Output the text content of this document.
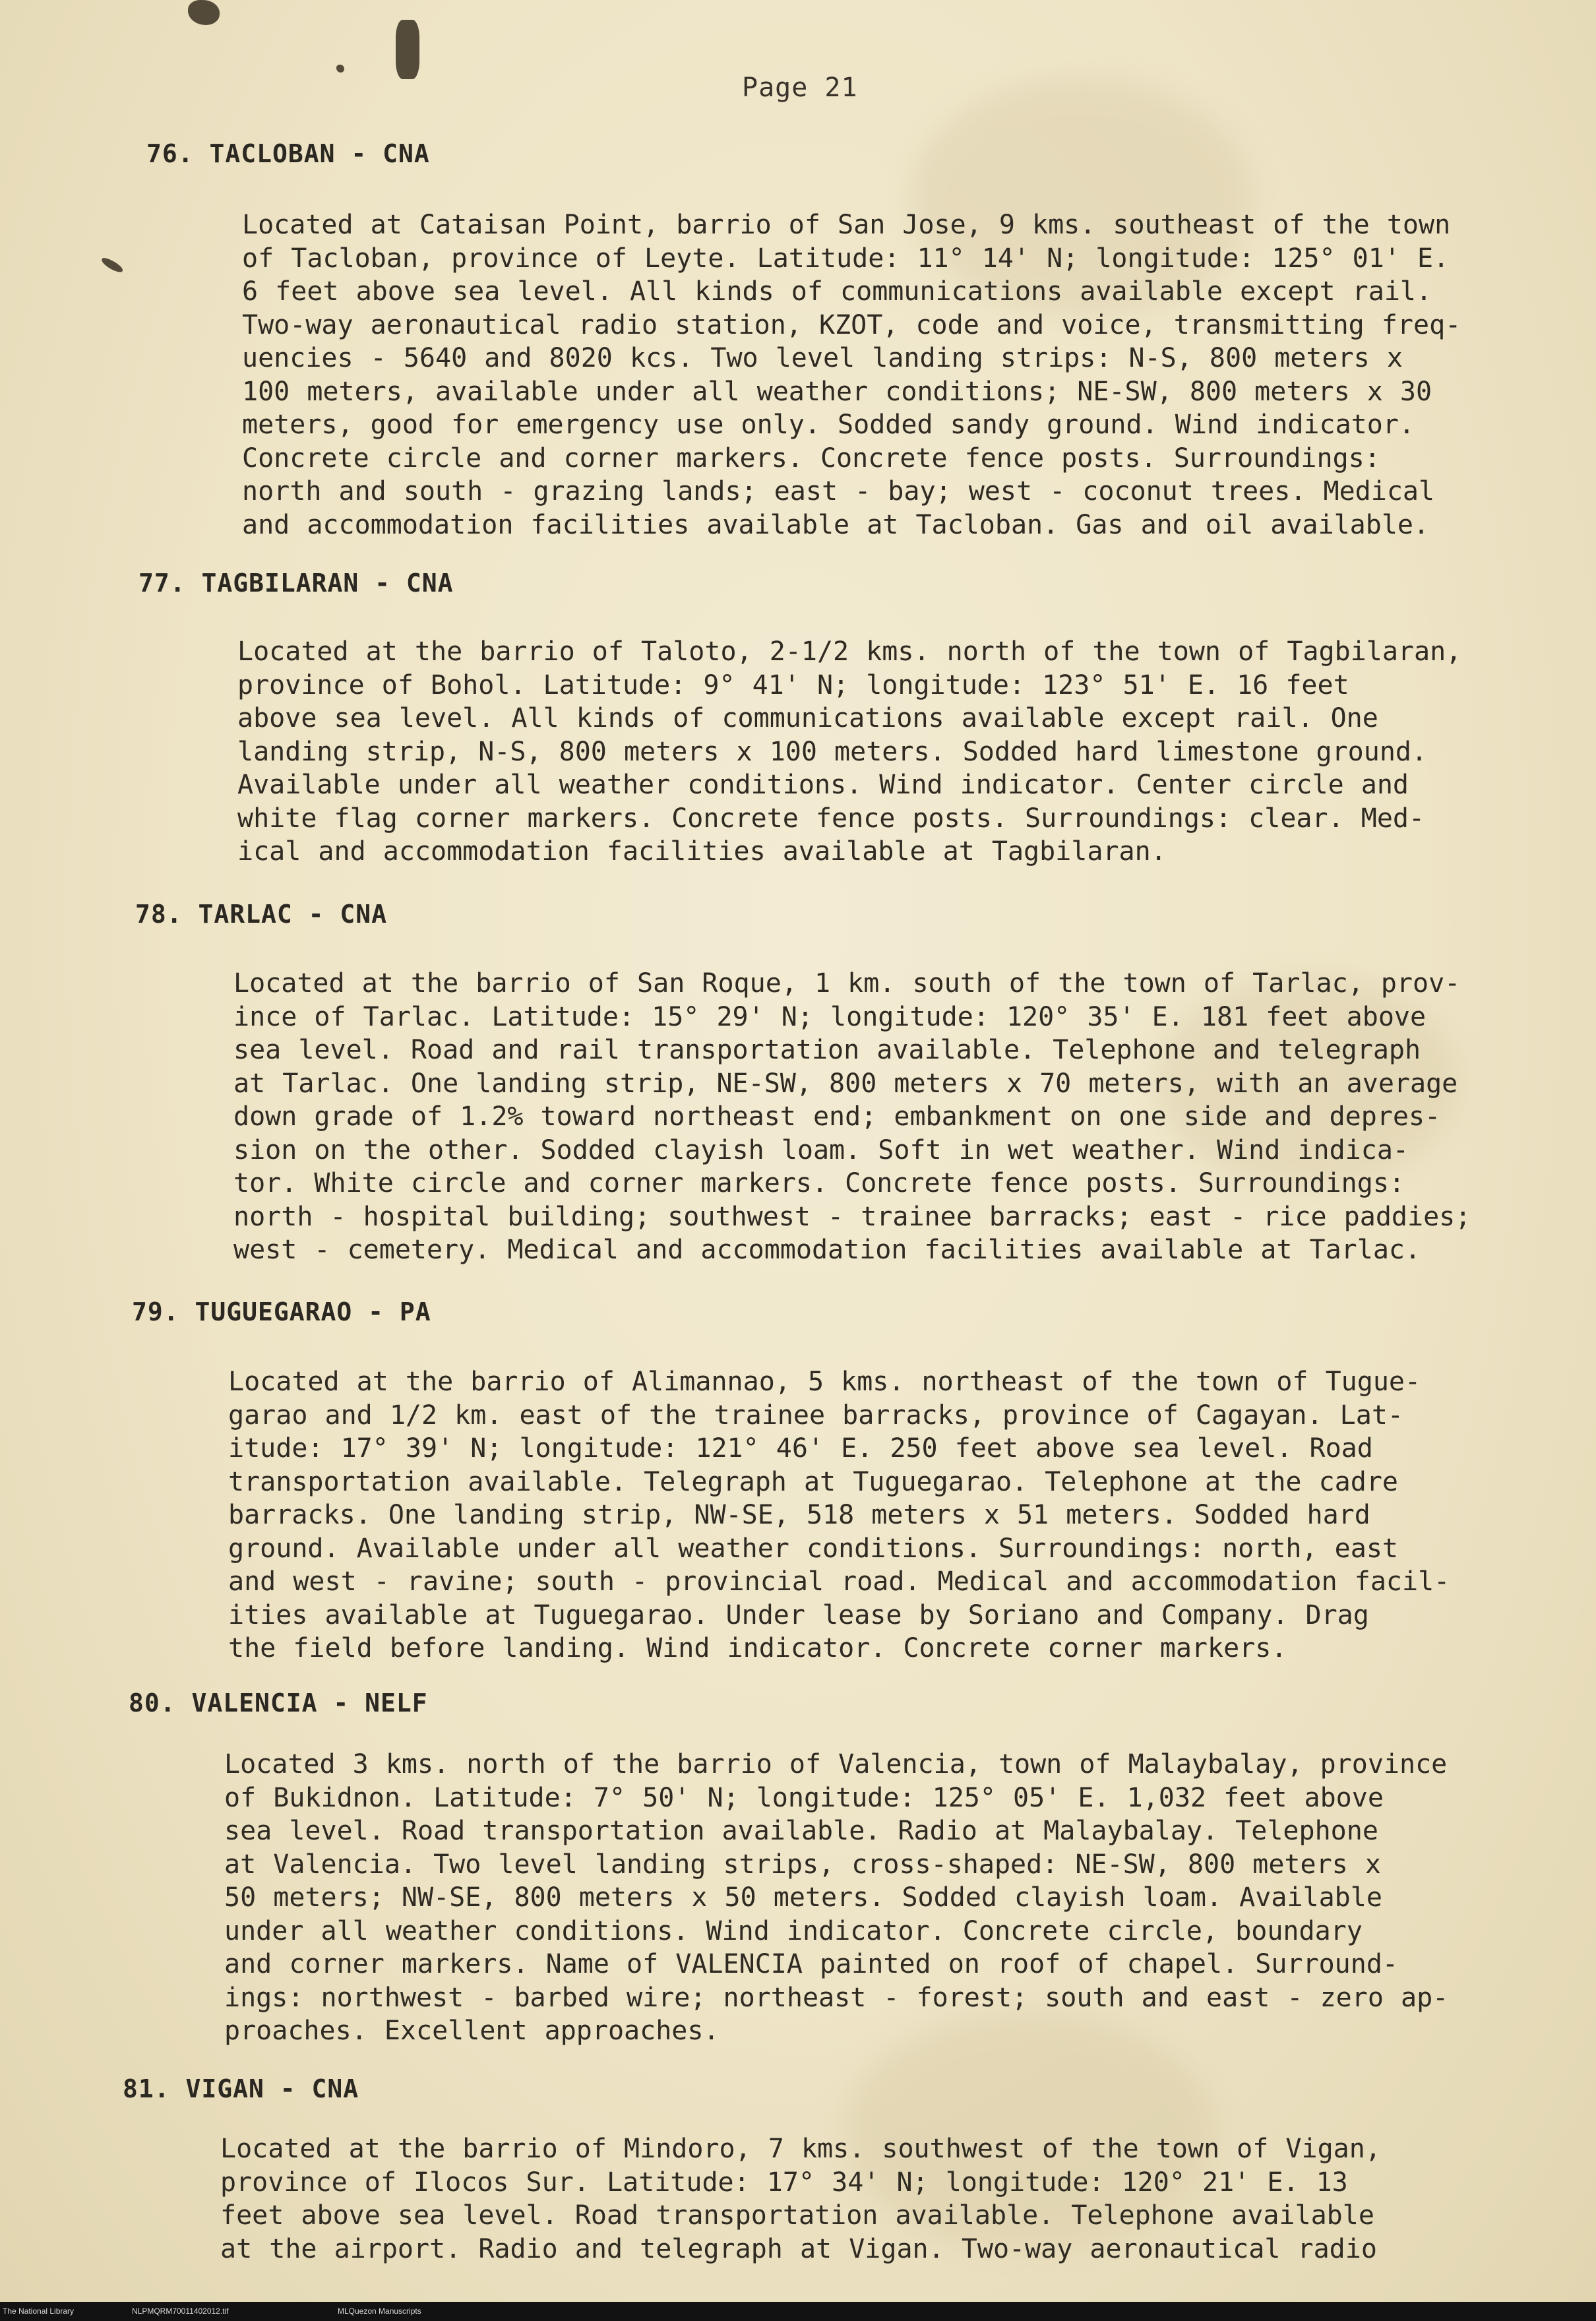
Page 21
76. TACLOBAN - CNA
Located at Cataisan Point, barrio of San Jose, 9 kms. southeast of the town
of Tacloban, province of Leyte. Latitude: 11° 14' N; longitude: 125° 01' E.
6 feet above sea level. All kinds of communications available except rail.
Two-way aeronautical radio station, KZOT, code and voice, transmitting freq-
uencies - 5640 and 8020 kcs. Two level landing strips: N-S, 800 meters x
100 meters, available under all weather conditions; NE-SW, 800 meters x 30
meters, good for emergency use only. Sodded sandy ground. Wind indicator.
Concrete circle and corner markers. Concrete fence posts. Surroundings:
north and south - grazing lands; east - bay; west - coconut trees. Medical
and accommodation facilities available at Tacloban. Gas and oil available.
77. TAGBILARAN - CNA
Located at the barrio of Taloto, 2-1/2 kms. north of the town of Tagbilaran,
province of Bohol. Latitude: 9° 41' N; longitude: 123° 51' E. 16 feet
above sea level. All kinds of communications available except rail. One
landing strip, N-S, 800 meters x 100 meters. Sodded hard limestone ground.
Available under all weather conditions. Wind indicator. Center circle and
white flag corner markers. Concrete fence posts. Surroundings: clear. Med-
ical and accommodation facilities available at Tagbilaran.
78. TARLAC - CNA
Located at the barrio of San Roque, 1 km. south of the town of Tarlac, prov-
ince of Tarlac. Latitude: 15° 29' N; longitude: 120° 35' E. 181 feet above
sea level. Road and rail transportation available. Telephone and telegraph
at Tarlac. One landing strip, NE-SW, 800 meters x 70 meters, with an average
down grade of 1.2% toward northeast end; embankment on one side and depres-
sion on the other. Sodded clayish loam. Soft in wet weather. Wind indica-
tor. White circle and corner markers. Concrete fence posts. Surroundings:
north - hospital building; southwest - trainee barracks; east - rice paddies;
west - cemetery. Medical and accommodation facilities available at Tarlac.
79. TUGUEGARAO - PA
Located at the barrio of Alimannao, 5 kms. northeast of the town of Tugue-
garao and 1/2 km. east of the trainee barracks, province of Cagayan. Lat-
itude: 17° 39' N; longitude: 121° 46' E. 250 feet above sea level. Road
transportation available. Telegraph at Tuguegarao. Telephone at the cadre
barracks. One landing strip, NW-SE, 518 meters x 51 meters. Sodded hard
ground. Available under all weather conditions. Surroundings: north, east
and west - ravine; south - provincial road. Medical and accommodation facil-
ities available at Tuguegarao. Under lease by Soriano and Company. Drag
the field before landing. Wind indicator. Concrete corner markers.
80. VALENCIA - NELF
Located 3 kms. north of the barrio of Valencia, town of Malaybalay, province
of Bukidnon. Latitude: 7° 50' N; longitude: 125° 05' E. 1,032 feet above
sea level. Road transportation available. Radio at Malaybalay. Telephone
at Valencia. Two level landing strips, cross-shaped: NE-SW, 800 meters x
50 meters; NW-SE, 800 meters x 50 meters. Sodded clayish loam. Available
under all weather conditions. Wind indicator. Concrete circle, boundary
and corner markers. Name of VALENCIA painted on roof of chapel. Surround-
ings: northwest - barbed wire; northeast - forest; south and east - zero ap-
proaches. Excellent approaches.
81. VIGAN - CNA
Located at the barrio of Mindoro, 7 kms. southwest of the town of Vigan,
province of Ilocos Sur. Latitude: 17° 34' N; longitude: 120° 21' E. 13
feet above sea level. Road transportation available. Telephone available
at the airport. Radio and telegraph at Vigan. Two-way aeronautical radio
The National Library	NLPMQRM70011402012.tif	MLQuezon Manuscripts
